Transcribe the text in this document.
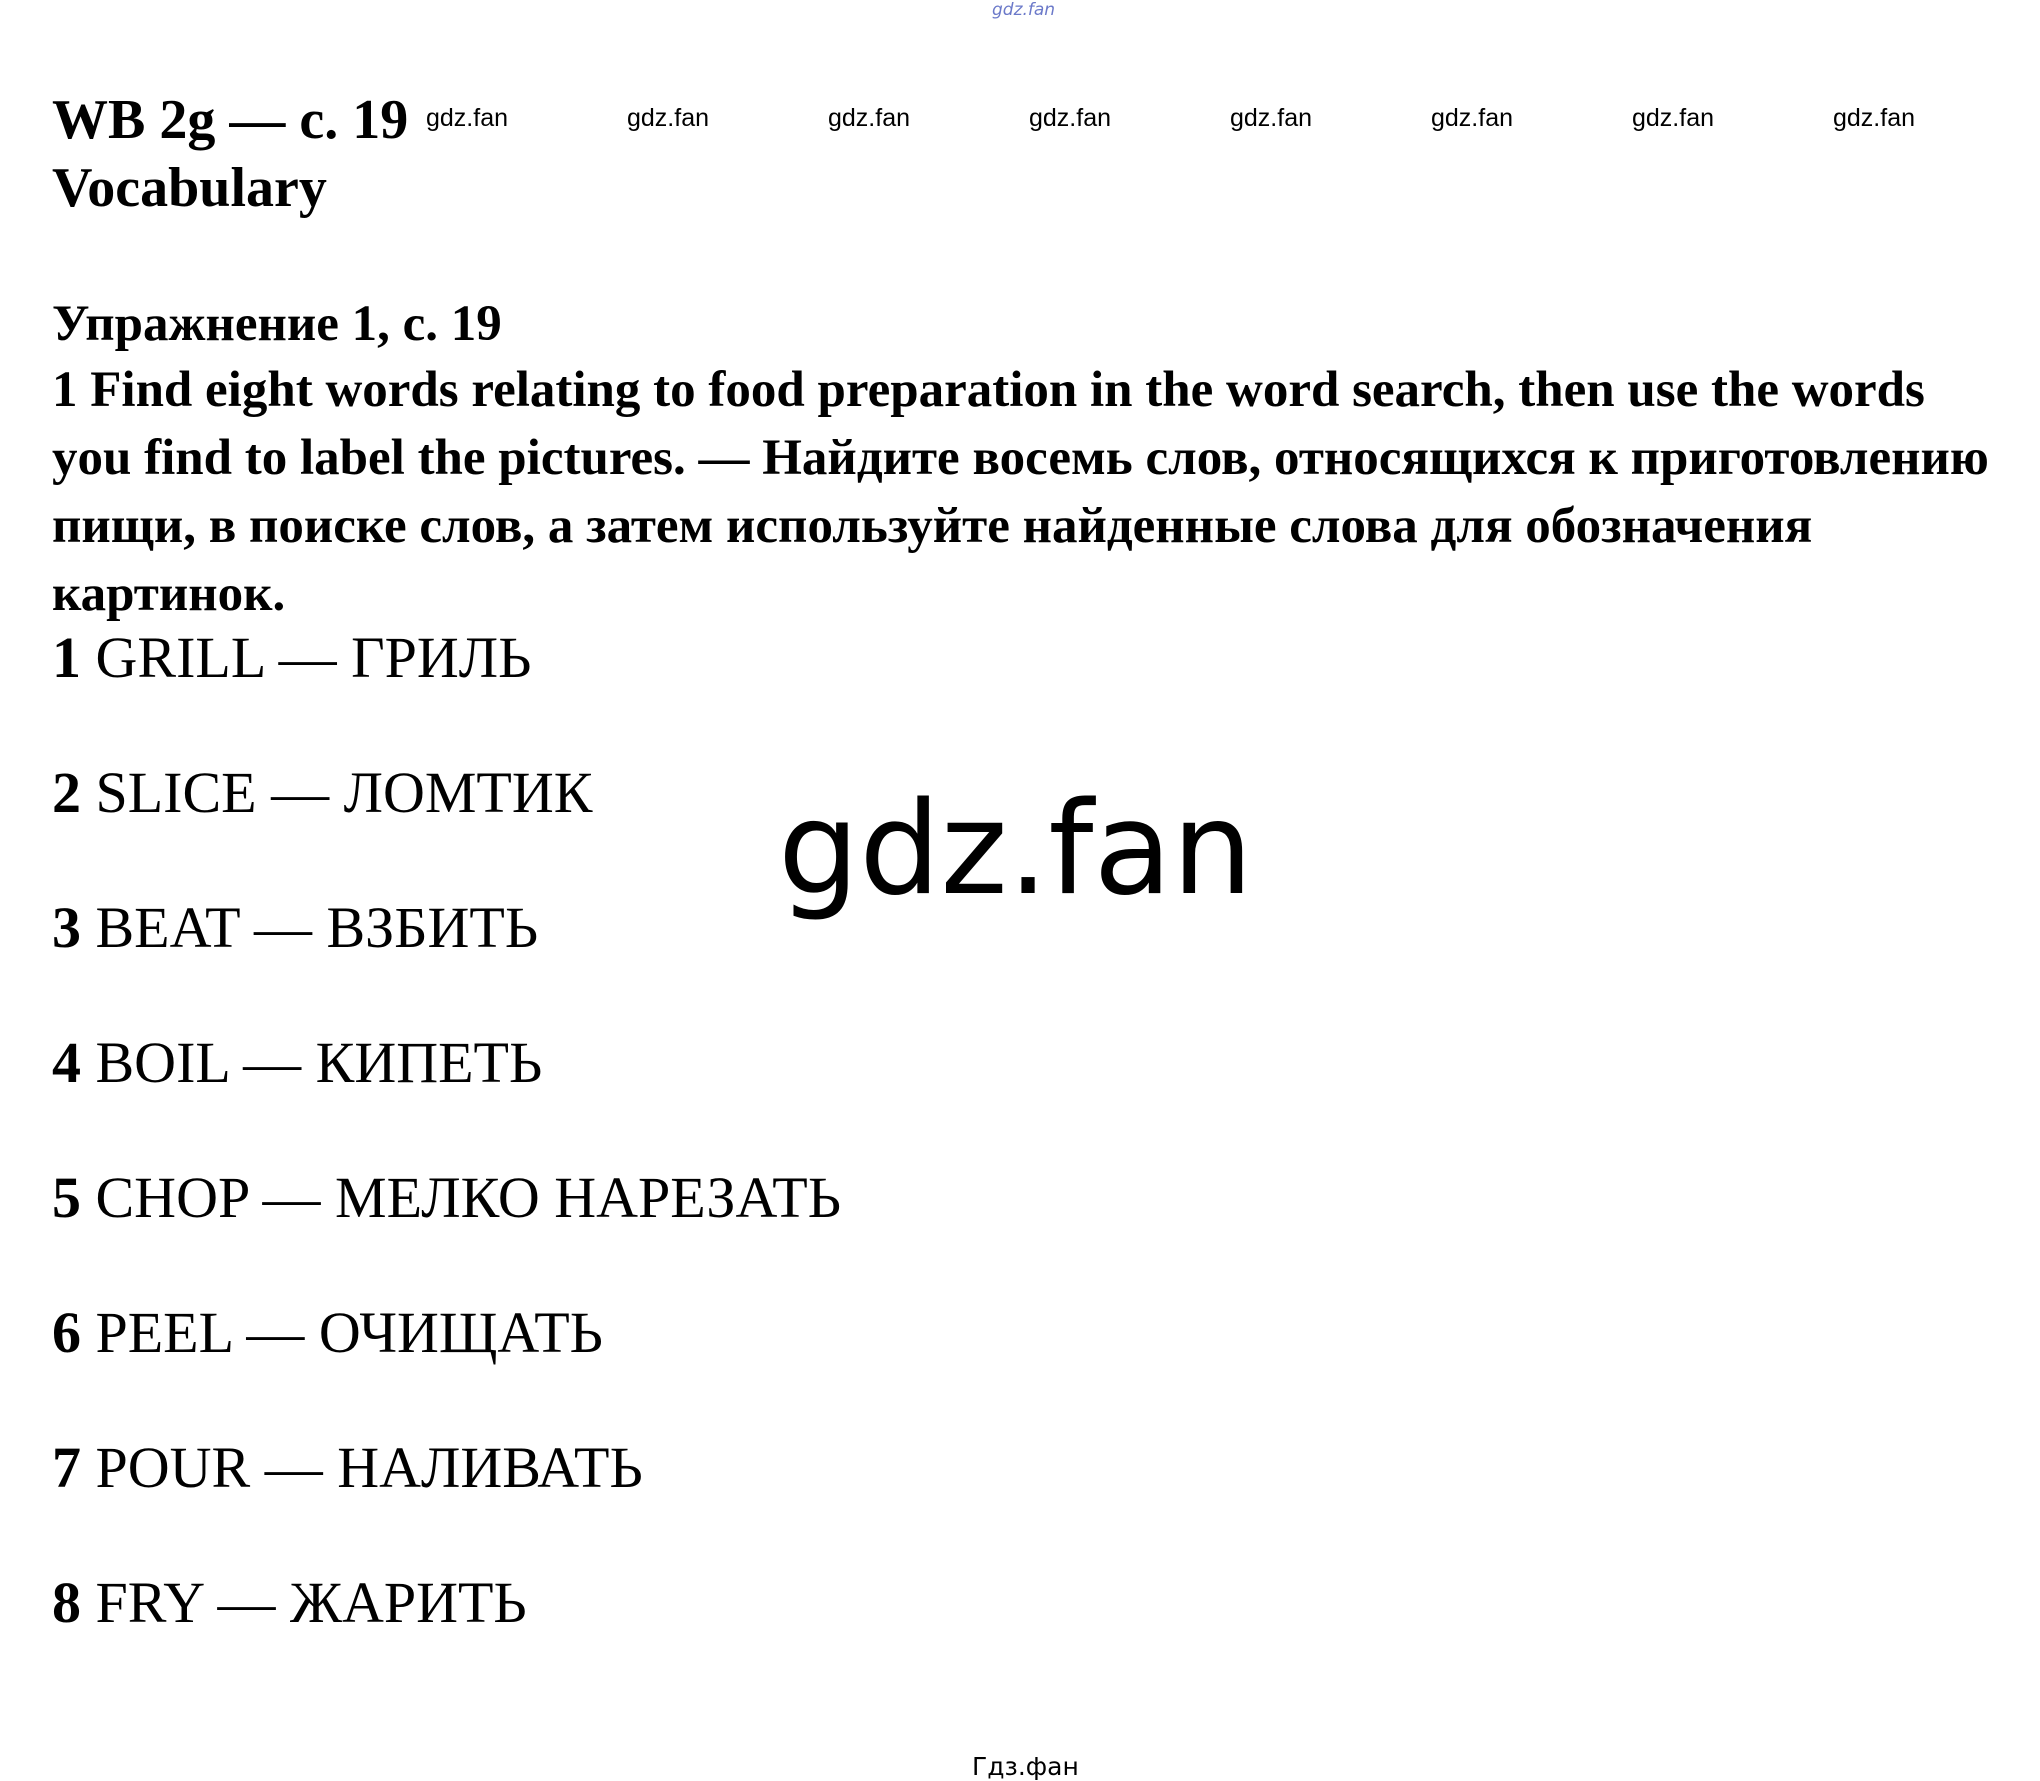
gdz.fan
gdz.fan	gdz.fan	gdz.fan	gdz.fan	gdz.fan	gdz.fan	gdz.fan	gdz.fan
WB 2g — c. 19
Vocabulary
Упражнение 1, с. 19
1 Find eight words relating to food preparation in the word search, then use the words you find to label the pictures. — Найдите восемь слов, относящихся к приготовлению пищи, в поиске слов, а затем используйте найденные слова для обозначения картинок.
1 GRILL — ГРИЛЬ
2 SLICE — ЛОМТИК
3 BEAT — ВЗБИТЬ
4 BOIL — КИПЕТЬ
5 CHOP — МЕЛКО НАРЕЗАТЬ
6 PEEL — ОЧИЩАТЬ
7 POUR — НАЛИВАТЬ
8 FRY — ЖАРИТЬ
gdz.fan
Гдз.фан
